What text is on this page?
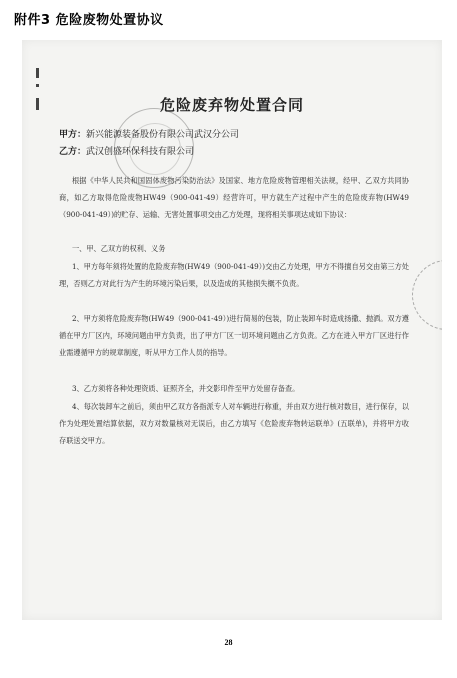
附件3 危险废物处置协议
危险废弃物处置合同
甲方：新兴能源装备股份有限公司武汉分公司
乙方：武汉创盛环保科技有限公司

根据《中华人民共和国固体废物污染防治法》及国家、地方危险废物管理相关法规，经甲、乙双方共同协商，如乙方取得危险废物HW49（900-041-49）经营许可，甲方就生产过程中产生的危险废弃物(HW49（900-041-49）)的贮存、运输、无害处置事项交由乙方处理，现将相关事项达成如下协议：

一、甲、乙双方的权利、义务

1、甲方每年须将处置的危险废弃物(HW49（900-041-49）)交由乙方处理，甲方不得擅自另交由第三方处理，否则乙方对此行为产生的环境污染后果，以及造成的其他损失概不负责。

2、甲方须将危险废弃物(HW49（900-041-49）)进行简易的包装，防止装卸车时造成扬撒、抛洒。双方遵循在甲方厂区内，环境问题由甲方负责，出了甲方厂区一切环境问题由乙方负责。乙方在进入甲方厂区进行作业需遵循甲方的规章制度，听从甲方工作人员的指导。

3、乙方须将各种处理资质、证照齐全，并交影印件至甲方处留存备查。

4、每次装卸车之前后，须由甲乙双方各指派专人对车辆进行称重，并由双方进行核对数目，进行保存，以作为处理处置结算依据，双方对数量核对无误后，由乙方填写《危险废弃物转运联单》(五联单)，并将甲方收存联送交甲方。

28
